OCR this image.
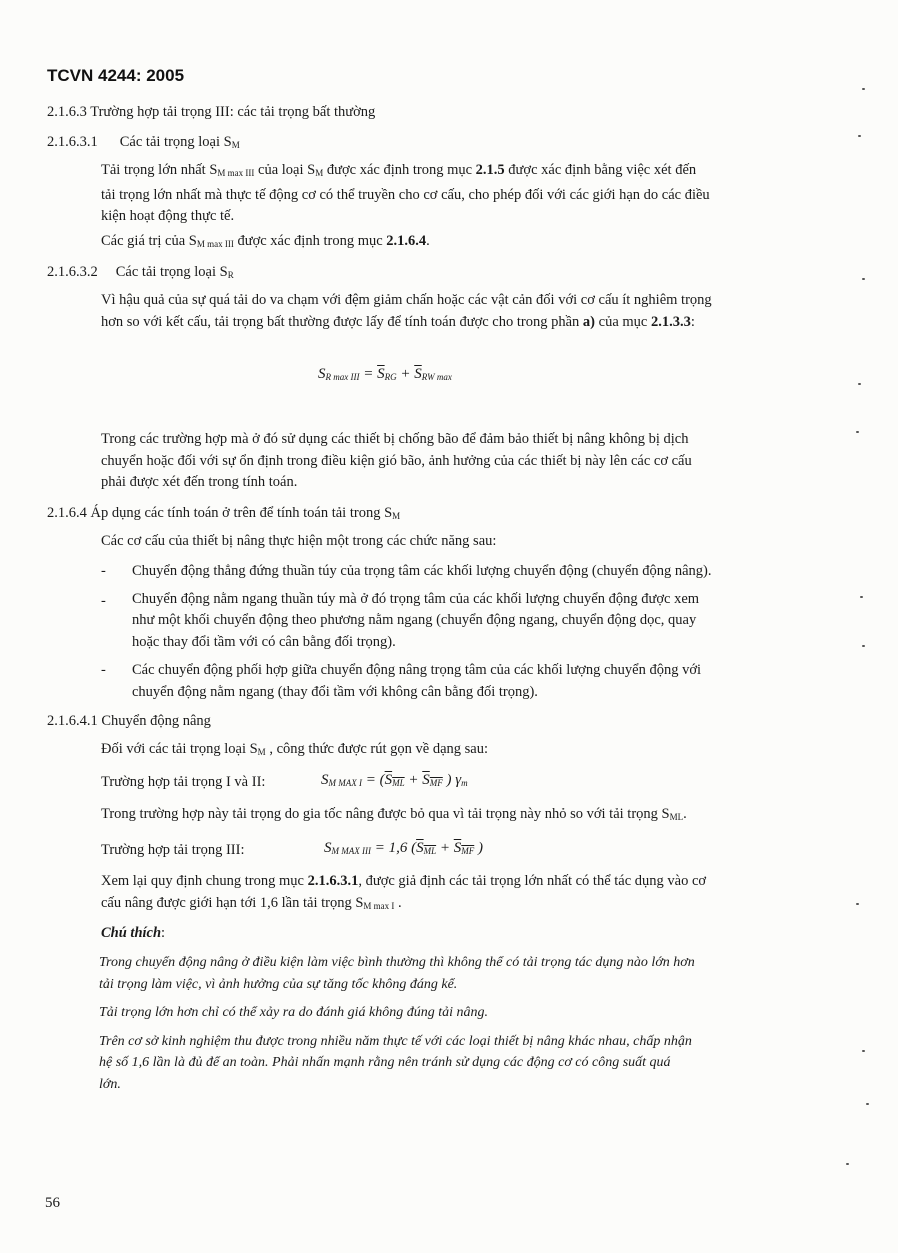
TCVN 4244: 2005
2.1.6.3 Trường hợp tải trọng III: các tải trọng bất thường
2.1.6.3.1 Các tải trọng loại $S_M$
Tải trọng lớn nhất $S_{M max III}$ của loại $S_M$ được xác định trong mục 2.1.5 được xác định bằng việc xét đến
tải trọng lớn nhất mà thực tế động cơ có thể truyền cho cơ cấu, cho phép đối với các giới hạn do các điều
kiện hoạt động thực tế.
Các giá trị của $S_{M max III}$ được xác định trong mục 2.1.6.4.
2.1.6.3.2 Các tải trọng loại $S_R$
Vì hậu quả của sự quá tải do va chạm với đệm giảm chấn hoặc các vật cản đối với cơ cấu ít nghiêm trọng
hơn so với kết cấu, tải trọng bất thường được lấy để tính toán được cho trong phần a) của mục 2.1.3.3:
$S_{R max III} = \overline{S}_{RG} + \overline{S}_{RW max}$
Trong các trường hợp mà ở đó sử dụng các thiết bị chống bão để đảm bảo thiết bị nâng không bị dịch
chuyển hoặc đối với sự ổn định trong điều kiện gió bão, ảnh hưởng của các thiết bị này lên các cơ cấu
phải được xét đến trong tính toán.
2.1.6.4 Áp dụng các tính toán ở trên để tính toán tải trong $S_M$
Các cơ cấu của thiết bị nâng thực hiện một trong các chức năng sau:
- Chuyển động thẳng đứng thuần túy của trọng tâm các khối lượng chuyển động (chuyển động nâng).
- Chuyển động nằm ngang thuần túy mà ở đó trọng tâm của các khối lượng chuyển động được xem
như một khối chuyển động theo phương nằm ngang (chuyển động ngang, chuyển động dọc, quay
hoặc thay đổi tầm với có cân bằng đối trọng).
- Các chuyển động phối hợp giữa chuyển động nâng trọng tâm của các khối lượng chuyển động với
chuyển động nằm ngang (thay đổi tầm với không cân bằng đối trọng).
2.1.6.4.1 Chuyển động nâng
Đối với các tải trọng loại $S_M$ , công thức được rút gọn về dạng sau:
Trường hợp tải trọng I và II:	$S_{M MAX I} = (\overline{S}_{\overline{ML}} + \overline{S}_{\overline{MF}}$ ) $\gamma_m$
Trong trường hợp này tải trọng do gia tốc nâng được bỏ qua vì tải trọng này nhỏ so với tải trọng $S_{ML}$.
Trường hợp tải trọng III:	$S_{M MAX III} = 1,6$ ($\overline{S}_{\overline{ML}} + \overline{S}_{\overline{MF}}$ )
Xem lại quy định chung trong mục 2.1.6.3.1, được giả định các tải trọng lớn nhất có thể tác dụng vào cơ
cấu nâng được giới hạn tới 1,6 lần tải trọng $S_{M max I}$ .
Chú thích:
Trong chuyển động nâng ở điều kiện làm việc bình thường thì không thể có tải trọng tác dụng nào lớn hơn
tải trọng làm việc, vì ảnh hưởng của sự tăng tốc không đáng kể.
Tải trọng lớn hơn chỉ có thể xảy ra do đánh giá không đúng tải nâng.
Trên cơ sở kinh nghiệm thu được trong nhiều năm thực tế với các loại thiết bị nâng khác nhau, chấp nhận
hệ số 1,6 lần là đủ để an toàn. Phải nhấn mạnh rằng nên tránh sử dụng các động cơ có công suất quá
lớn.
56
